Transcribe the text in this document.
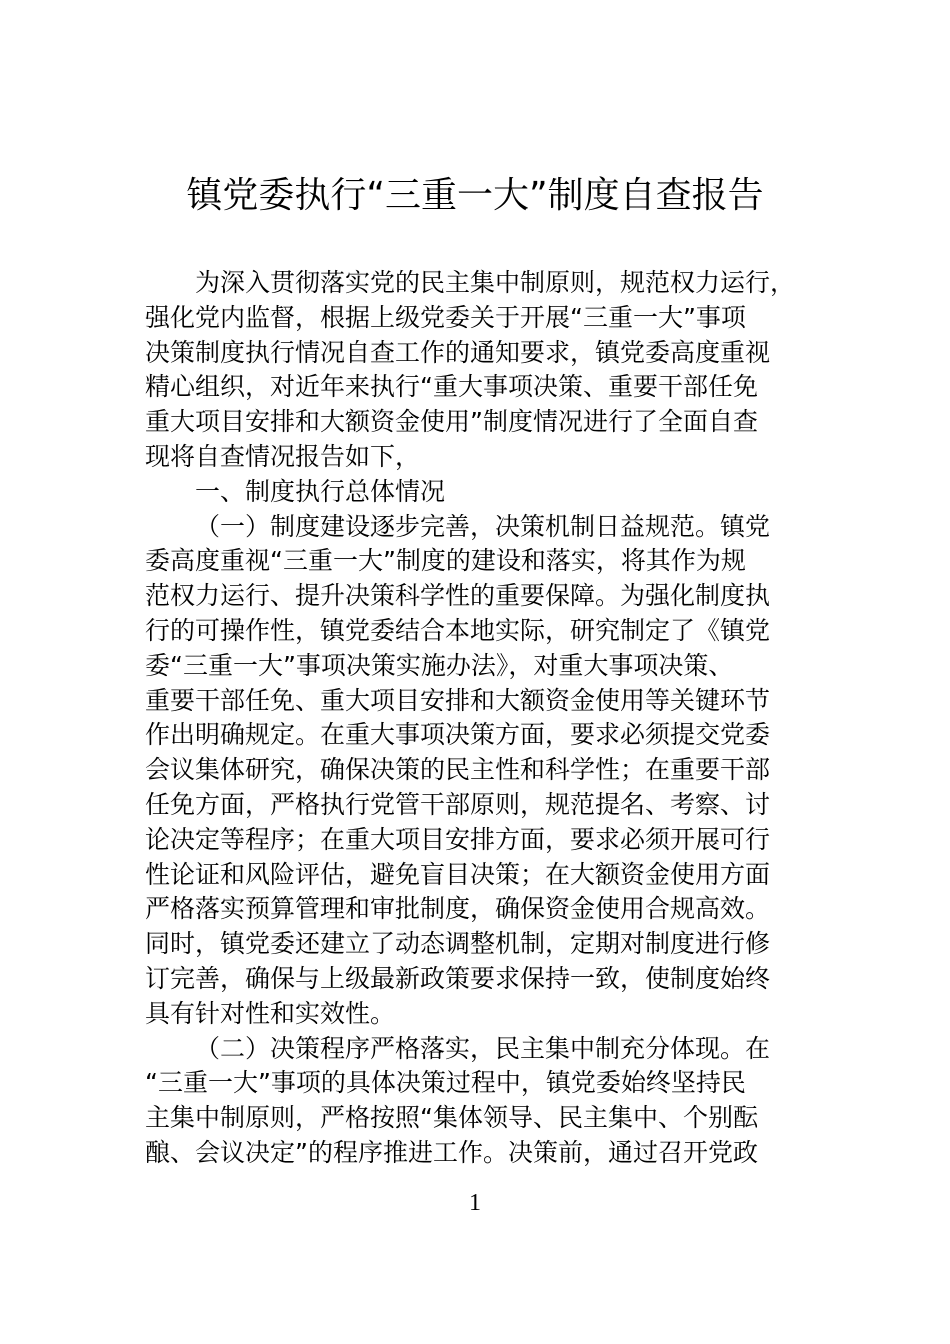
镇党委执行“三重一大”制度自查报告
为深入贯彻落实党的民主集中制原则，规范权力运行，
强化党内监督，根据上级党委关于开展“三重一大”事项
决策制度执行情况自查工作的通知要求，镇党委高度重视
精心组织，对近年来执行“重大事项决策、重要干部任免
重大项目安排和大额资金使用”制度情况进行了全面自查
现将自查情况报告如下，
一、制度执行总体情况
（一）制度建设逐步完善，决策机制日益规范。镇党
委高度重视“三重一大”制度的建设和落实，将其作为规
范权力运行、提升决策科学性的重要保障。为强化制度执
行的可操作性，镇党委结合本地实际，研究制定了《镇党
委“三重一大”事项决策实施办法》，对重大事项决策、
重要干部任免、重大项目安排和大额资金使用等关键环节
作出明确规定。在重大事项决策方面，要求必须提交党委
会议集体研究，确保决策的民主性和科学性；在重要干部
任免方面，严格执行党管干部原则，规范提名、考察、讨
论决定等程序；在重大项目安排方面，要求必须开展可行
性论证和风险评估，避免盲目决策；在大额资金使用方面
严格落实预算管理和审批制度，确保资金使用合规高效。
同时，镇党委还建立了动态调整机制，定期对制度进行修
订完善，确保与上级最新政策要求保持一致，使制度始终
具有针对性和实效性。
（二）决策程序严格落实，民主集中制充分体现。在
“三重一大”事项的具体决策过程中，镇党委始终坚持民
主集中制原则，严格按照“集体领导、民主集中、个别酝
酿、会议决定”的程序推进工作。决策前，通过召开党政
1
